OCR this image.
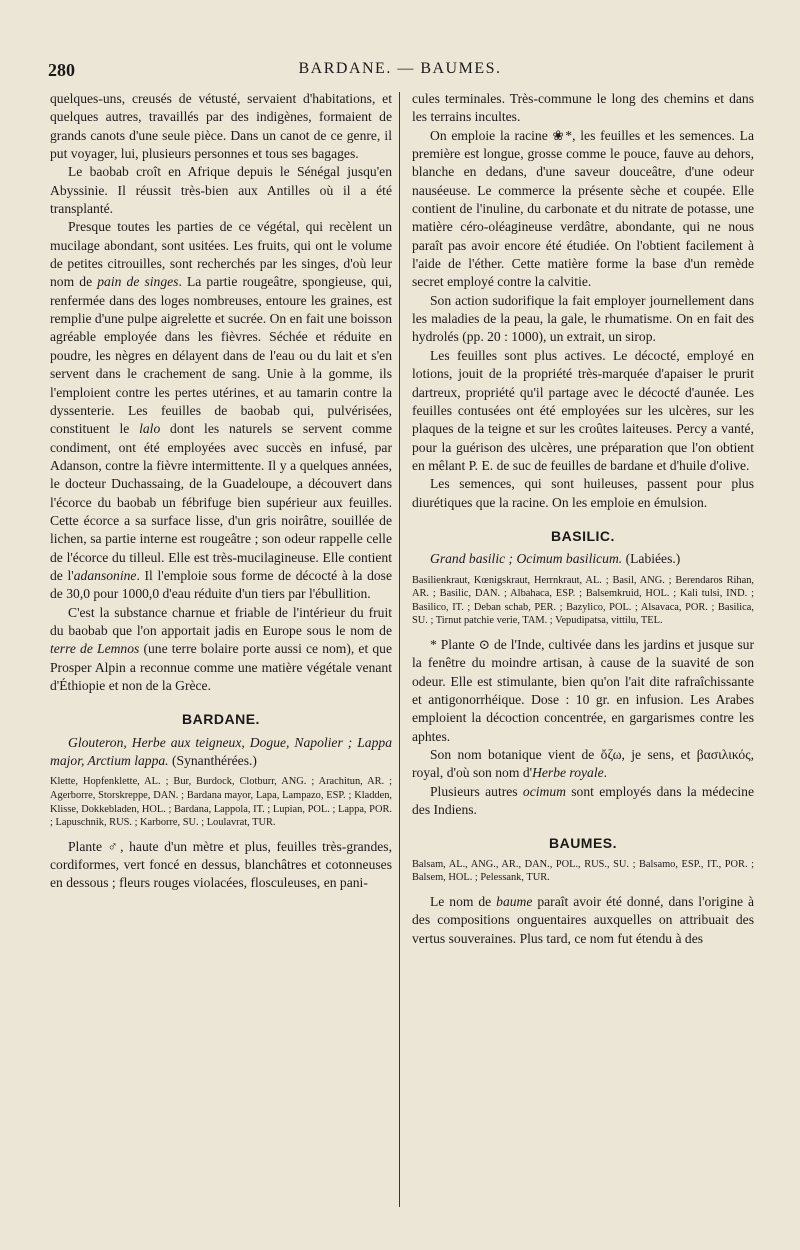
280	BARDANE. — BAUMES.

quelques-uns, creusés de vétusté, servaient d'habitations, et quelques autres, travaillés par des indigènes, formaient de grands canots d'une seule pièce. Dans un canot de ce genre, il put voyager, lui, plusieurs personnes et tous ses bagages.

Le baobab croît en Afrique depuis le Sénégal jusqu'en Abyssinie. Il réussit très-bien aux Antilles où il a été transplanté.

Presque toutes les parties de ce végétal, qui recèlent un mucilage abondant, sont usitées. Les fruits, qui ont le volume de petites citrouilles, sont recherchés par les singes, d'où leur nom de pain de singes. La partie rougeâtre, spongieuse, qui, renfermée dans des loges nombreuses, entoure les graines, est remplie d'une pulpe aigrelette et sucrée. On en fait une boisson agréable employée dans les fièvres. Séchée et réduite en poudre, les nègres en délayent dans de l'eau ou du lait et s'en servent dans le crachement de sang. Unie à la gomme, ils l'emploient contre les pertes utérines, et au tamarin contre la dyssenterie. Les feuilles de baobab qui, pulvérisées, constituent le lalo dont les naturels se servent comme condiment, ont été employées avec succès en infusé, par Adanson, contre la fièvre intermittente. Il y a quelques années, le docteur Duchassaing, de la Guadeloupe, a découvert dans l'écorce du baobab un fébrifuge bien supérieur aux feuilles. Cette écorce a sa surface lisse, d'un gris noirâtre, souillée de lichen, sa partie interne est rougeâtre ; son odeur rappelle celle de l'écorce du tilleul. Elle est très-mucilagineuse. Elle contient de l'adansonine. Il l'emploie sous forme de décocté à la dose de 30,0 pour 1000,0 d'eau réduite d'un tiers par l'ébullition.

C'est la substance charnue et friable de l'intérieur du fruit du baobab que l'on apportait jadis en Europe sous le nom de terre de Lemnos (une terre bolaire porte aussi ce nom), et que Prosper Alpin a reconnue comme une matière végétale venant d'Éthiopie et non de la Grèce.

BARDANE.

Glouteron, Herbe aux teigneux, Dogue, Napolier ; Lappa major, Arctium lappa. (Synanthérées.)

Klette, Hopfenklette, AL. ; Bur, Burdock, Clotburr, ANG. ; Arachitun, AR. ; Agerborre, Storskreppe, DAN. ; Bardana mayor, Lapa, Lampazo, ESP. ; Kladden, Klisse, Dokkebladen, HOL. ; Bardana, Lappola, IT. ; Lupian, POL. ; Lappa, POR. ; Lapuschnik, RUS. ; Karborre, SU. ; Loulavrat, TUR.

Plante ♂, haute d'un mètre et plus, feuilles très-grandes, cordiformes, vert foncé en dessus, blanchâtres et cotonneuses en dessous ; fleurs rouges violacées, flosculeuses, en pani-

cules terminales. Très-commune le long des chemins et dans les terrains incultes.

On emploie la racine ❀*, les feuilles et les semences. La première est longue, grosse comme le pouce, fauve au dehors, blanche en dedans, d'une saveur douceâtre, d'une odeur nauséeuse. Le commerce la présente sèche et coupée. Elle contient de l'inuline, du carbonate et du nitrate de potasse, une matière céro-oléagineuse verdâtre, abondante, qui ne nous paraît pas avoir encore été étudiée. On l'obtient facilement à l'aide de l'éther. Cette matière forme la base d'un remède secret employé contre la calvitie.

Son action sudorifique la fait employer journellement dans les maladies de la peau, la gale, le rhumatisme. On en fait des hydrolés (pp. 20 : 1000), un extrait, un sirop.

Les feuilles sont plus actives. Le décocté, employé en lotions, jouit de la propriété très-marquée d'apaiser le prurit dartreux, propriété qu'il partage avec le décocté d'aunée. Les feuilles contusées ont été employées sur les ulcères, sur les plaques de la teigne et sur les croûtes laiteuses. Percy a vanté, pour la guérison des ulcères, une préparation que l'on obtient en mêlant P. E. de suc de feuilles de bardane et d'huile d'olive.

Les semences, qui sont huileuses, passent pour plus diurétiques que la racine. On les emploie en émulsion.

BASILIC.

Grand basilic ; Ocimum basilicum. (Labiées.)

Basilienkraut, Kœnigskraut, Herrnkraut, AL. ; Basil, ANG. ; Berendaros Rihan, AR. ; Basilic, DAN. ; Albahaca, ESP. ; Balsemkruid, HOL. ; Kali tulsi, IND. ; Basilico, IT. ; Deban schab, PER. ; Bazylico, POL. ; Alsavaca, POR. ; Basilica, SU. ; Tirnut patchie verie, TAM. ; Vepudipatsa, vittilu, TEL.

* Plante ⊙ de l'Inde, cultivée dans les jardins et jusque sur la fenêtre du moindre artisan, à cause de la suavité de son odeur. Elle est stimulante, bien qu'on l'ait dite rafraîchissante et antigonorrhéique. Dose : 10 gr. en infusion. Les Arabes emploient la décoction concentrée, en gargarismes contre les aphtes.

Son nom botanique vient de ὄζω, je sens, et βασιλικός, royal, d'où son nom d'Herbe royale.

Plusieurs autres ocimum sont employés dans la médecine des Indiens.

BAUMES.

Balsam, AL., ANG., AR., DAN., POL., RUS., SU. ; Balsamo, ESP., IT., POR. ; Balsem, HOL. ; Pelessank, TUR.

Le nom de baume paraît avoir été donné, dans l'origine à des compositions onguentaires auxquelles on attribuait des vertus souveraines. Plus tard, ce nom fut étendu à des
